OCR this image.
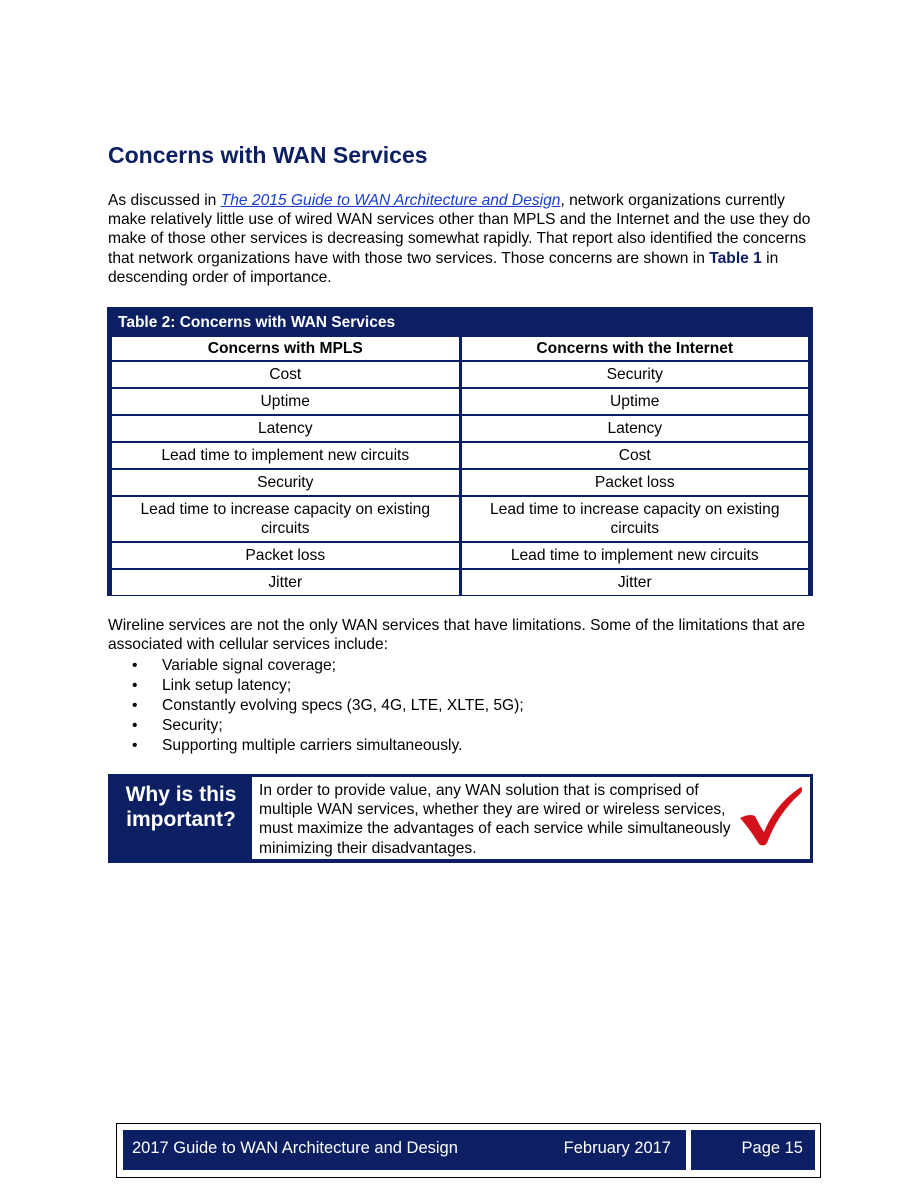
Concerns with WAN Services

As discussed in The 2015 Guide to WAN Architecture and Design, network organizations currently make relatively little use of wired WAN services other than MPLS and the Internet and the use they do make of those other services is decreasing somewhat rapidly. That report also identified the concerns that network organizations have with those two services. Those concerns are shown in Table 1 in descending order of importance.

Table 2: Concerns with WAN Services
Concerns with MPLS	Concerns with the Internet
Cost	Security
Uptime	Uptime
Latency	Latency
Lead time to implement new circuits	Cost
Security	Packet loss
Lead time to increase capacity on existing circuits	Lead time to increase capacity on existing circuits
Packet loss	Lead time to implement new circuits
Jitter	Jitter

Wireline services are not the only WAN services that have limitations. Some of the limitations that are associated with cellular services include:

• Variable signal coverage;
• Link setup latency;
• Constantly evolving specs (3G, 4G, LTE, XLTE, 5G);
• Security;
• Supporting multiple carriers simultaneously.
Why is this
important?

In order to provide value, any WAN solution that is comprised of multiple WAN services, whether they are wired or wireless services, must maximize the advantages of each service while simultaneously minimizing their disadvantages.

2017 Guide to WAN Architecture and Design	February 2017	Page 15
